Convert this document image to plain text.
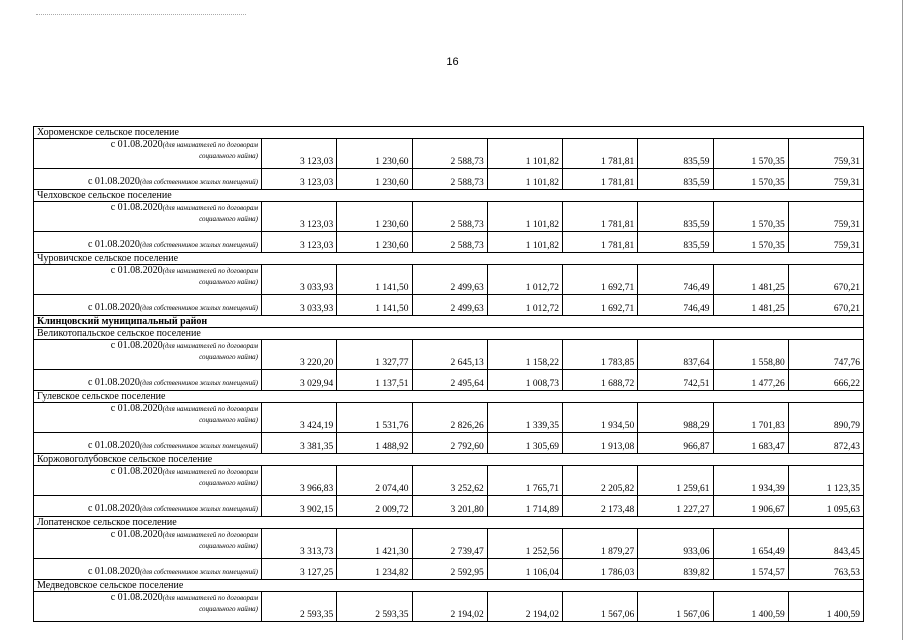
16
Хороменское сельское поселение								
с 01.08.2020(для нанимателей по договорам
социального найма)	3 123,03	1 230,60	2 588,73	1 101,82	1 781,81	835,59	1 570,35	759,31
с 01.08.2020(для собственников жилых помещений)	3 123,03	1 230,60	2 588,73	1 101,82	1 781,81	835,59	1 570,35	759,31
Челховское сельское поселение								
с 01.08.2020(для нанимателей по договорам
социального найма)	3 123,03	1 230,60	2 588,73	1 101,82	1 781,81	835,59	1 570,35	759,31
с 01.08.2020(для собственников жилых помещений)	3 123,03	1 230,60	2 588,73	1 101,82	1 781,81	835,59	1 570,35	759,31
Чуровичское сельское поселение								
с 01.08.2020(для нанимателей по договорам
социального найма)	3 033,93	1 141,50	2 499,63	1 012,72	1 692,71	746,49	1 481,25	670,21
с 01.08.2020(для собственников жилых помещений)	3 033,93	1 141,50	2 499,63	1 012,72	1 692,71	746,49	1 481,25	670,21
Клинцовский муниципальный район								
Великотопальское сельское поселение								
с 01.08.2020(для нанимателей по договорам
социального найма)	3 220,20	1 327,77	2 645,13	1 158,22	1 783,85	837,64	1 558,80	747,76
с 01.08.2020(для собственников жилых помещений)	3 029,94	1 137,51	2 495,64	1 008,73	1 688,72	742,51	1 477,26	666,22
Гулевское сельское поселение								
с 01.08.2020(для нанимателей по договорам
социального найма)	3 424,19	1 531,76	2 826,26	1 339,35	1 934,50	988,29	1 701,83	890,79
с 01.08.2020(для собственников жилых помещений)	3 381,35	1 488,92	2 792,60	1 305,69	1 913,08	966,87	1 683,47	872,43
Коржовоголубовское сельское поселение								
с 01.08.2020(для нанимателей по договорам
социального найма)	3 966,83	2 074,40	3 252,62	1 765,71	2 205,82	1 259,61	1 934,39	1 123,35
с 01.08.2020(для собственников жилых помещений)	3 902,15	2 009,72	3 201,80	1 714,89	2 173,48	1 227,27	1 906,67	1 095,63
Лопатенское сельское поселение								
с 01.08.2020(для нанимателей по договорам
социального найма)	3 313,73	1 421,30	2 739,47	1 252,56	1 879,27	933,06	1 654,49	843,45
с 01.08.2020(для собственников жилых помещений)	3 127,25	1 234,82	2 592,95	1 106,04	1 786,03	839,82	1 574,57	763,53
Медведовское сельское поселение								
с 01.08.2020(для нанимателей по договорам
социального найма)	2 593,35	2 593,35	2 194,02	2 194,02	1 567,06	1 567,06	1 400,59	1 400,59
